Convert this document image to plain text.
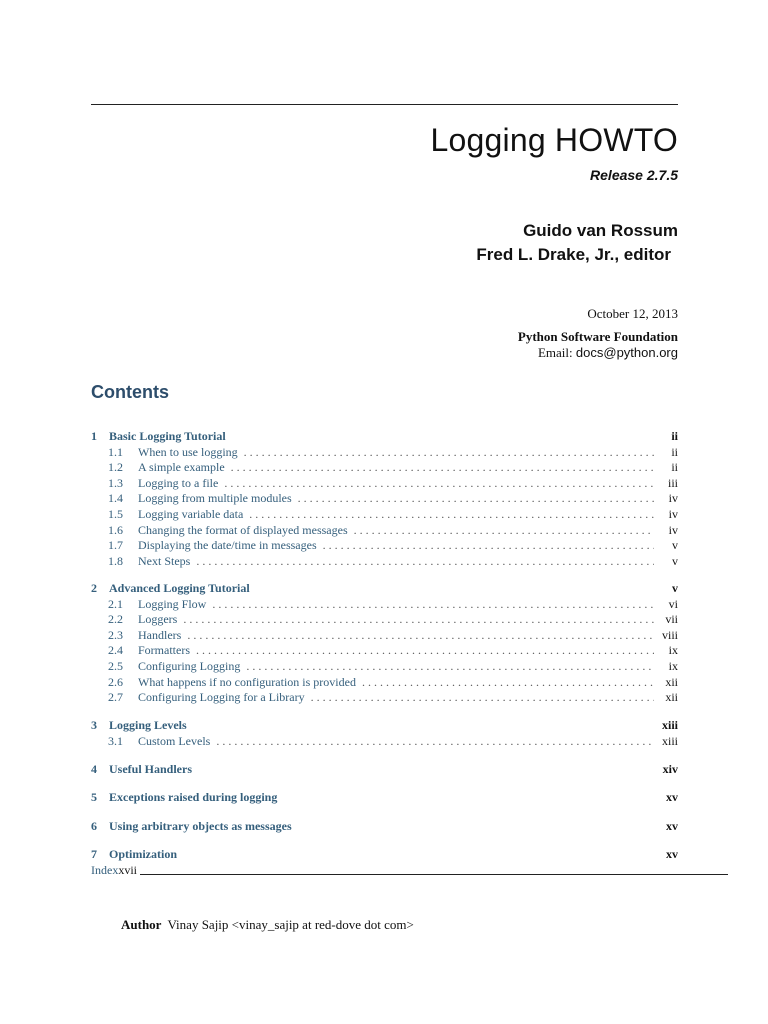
Logging HOWTO
Release 2.7.5
Guido van Rossum
Fred L. Drake, Jr., editor
October 12, 2013
Python Software Foundation
Email: docs@python.org
Contents
1	Basic Logging Tutorial	ii
1.1	When to use logging . . .	ii
1.2	A simple example . . .	ii
1.3	Logging to a file . . .	iii
1.4	Logging from multiple modules . . .	iv
1.5	Logging variable data . . .	iv
1.6	Changing the format of displayed messages . . .	iv
1.7	Displaying the date/time in messages . . .	v
1.8	Next Steps . . .	v
2	Advanced Logging Tutorial	v
2.1	Logging Flow . . .	vi
2.2	Loggers . . .	vii
2.3	Handlers . . .	viii
2.4	Formatters . . .	ix
2.5	Configuring Logging . . .	ix
2.6	What happens if no configuration is provided . . .	xii
2.7	Configuring Logging for a Library . . .	xii
3	Logging Levels	xiii
3.1	Custom Levels . . .	xiii
4	Useful Handlers	xiv
5	Exceptions raised during logging	xv
6	Using arbitrary objects as messages	xv
7	Optimization	xv
Index xvii
Author Vinay Sajip <vinay_sajip at red-dove dot com>
